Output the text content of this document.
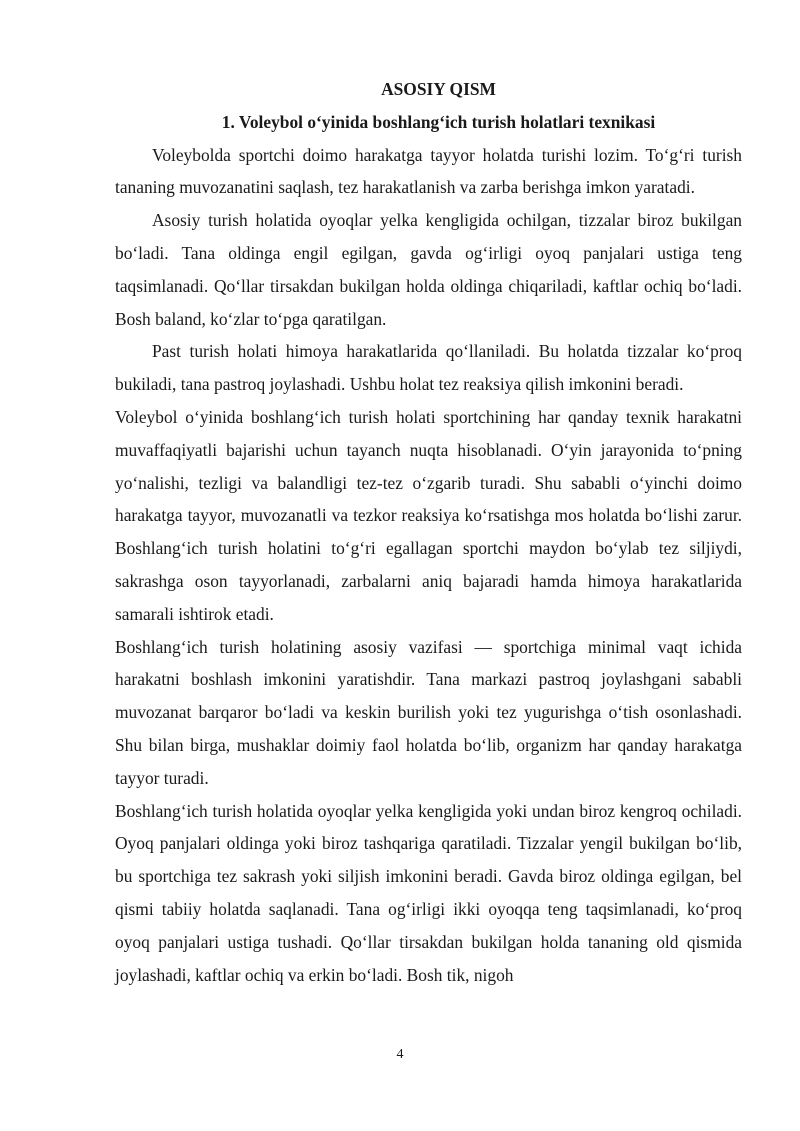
ASOSIY QISM
1. Voleybol o‘yinida boshlang‘ich turish holatlari texnikasi

Voleybolda sportchi doimo harakatga tayyor holatda turishi lozim. To‘g‘ri turish tananing muvozanatini saqlash, tez harakatlanish va zarba berishga imkon yaratadi.

Asosiy turish holatida oyoqlar yelka kengligida ochilgan, tizzalar biroz bukilgan bo‘ladi. Tana oldinga engil egilgan, gavda og‘irligi oyoq panjalari ustiga teng taqsimlanadi. Qo‘llar tirsakdan bukilgan holda oldinga chiqariladi, kaftlar ochiq bo‘ladi. Bosh baland, ko‘zlar to‘pga qaratilgan.

Past turish holati himoya harakatlarida qo‘llaniladi. Bu holatda tizzalar ko‘proq bukiladi, tana pastroq joylashadi. Ushbu holat tez reaksiya qilish imkonini beradi.

Voleybol o‘yinida boshlang‘ich turish holati sportchining har qanday texnik harakatni muvaffaqiyatli bajarishi uchun tayanch nuqta hisoblanadi. O‘yin jarayonida to‘pning yo‘nalishi, tezligi va balandligi tez-tez o‘zgarib turadi. Shu sababli o‘yinchi doimo harakatga tayyor, muvozanatli va tezkor reaksiya ko‘rsatishga mos holatda bo‘lishi zarur. Boshlang‘ich turish holatini to‘g‘ri egallagan sportchi maydon bo‘ylab tez siljiydi, sakrashga oson tayyorlanadi, zarbalarni aniq bajaradi hamda himoya harakatlarida samarali ishtirok etadi.

Boshlang‘ich turish holatining asosiy vazifasi — sportchiga minimal vaqt ichida harakatni boshlash imkonini yaratishdir. Tana markazi pastroq joylashgani sababli muvozanat barqaror bo‘ladi va keskin burilish yoki tez yugurishga o‘tish osonlashadi. Shu bilan birga, mushaklar doimiy faol holatda bo‘lib, organizm har qanday harakatga tayyor turadi.

Boshlang‘ich turish holatida oyoqlar yelka kengligida yoki undan biroz kengroq ochiladi. Oyoq panjalari oldinga yoki biroz tashqariga qaratiladi. Tizzalar yengil bukilgan bo‘lib, bu sportchiga tez sakrash yoki siljish imkonini beradi. Gavda biroz oldinga egilgan, bel qismi tabiiy holatda saqlanadi. Tana og‘irligi ikki oyoqqa teng taqsimlanadi, ko‘proq oyoq panjalari ustiga tushadi. Qo‘llar tirsakdan bukilgan holda tananing old qismida joylashadi, kaftlar ochiq va erkin bo‘ladi. Bosh tik, nigoh

4
